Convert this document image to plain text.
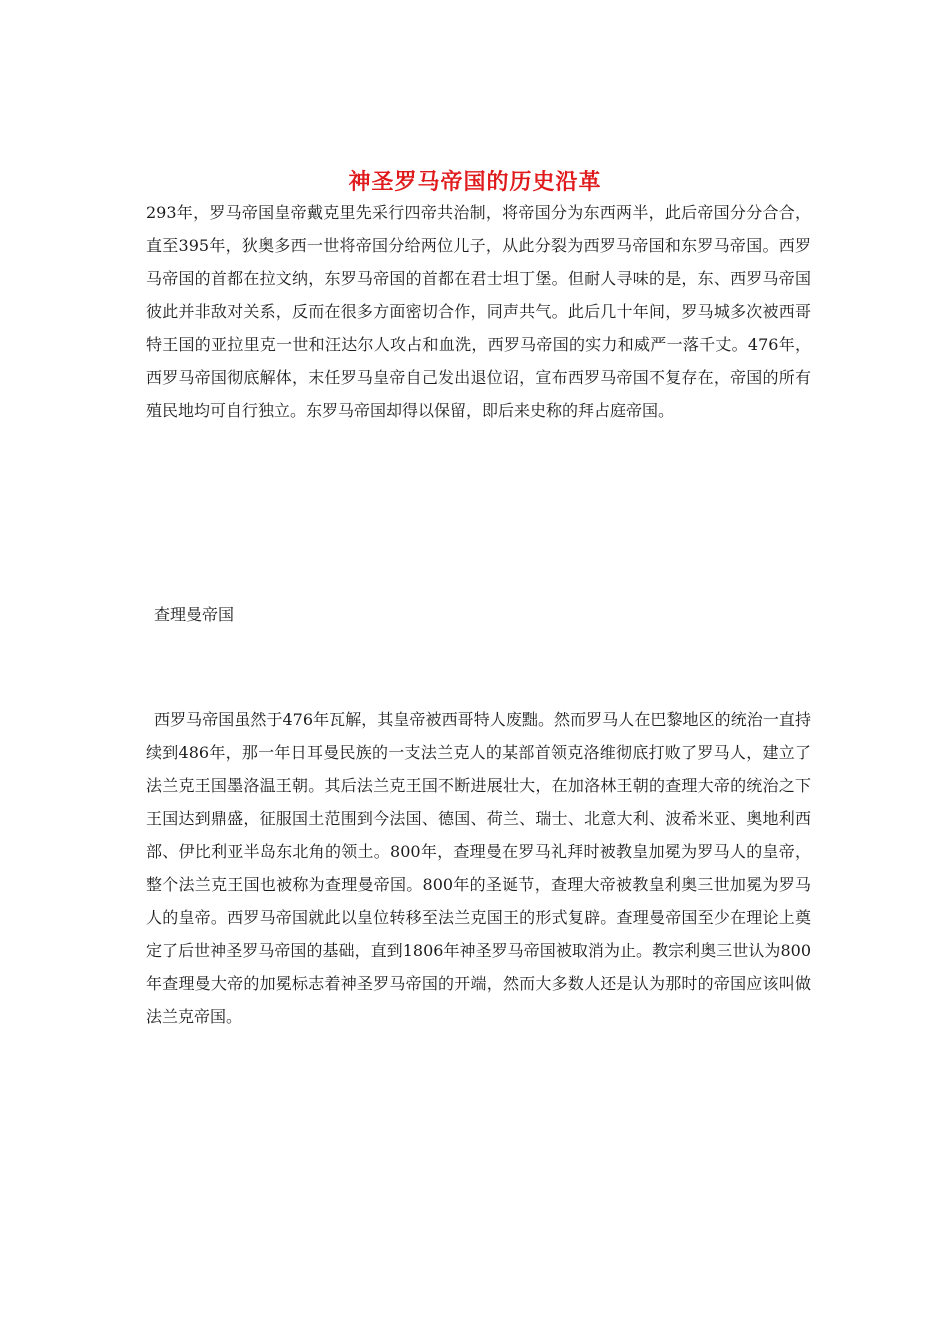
神圣罗马帝国的历史沿革

293年，罗马帝国皇帝戴克里先采行四帝共治制，将帝国分为东西两半，此后帝国分分合合，直至395年，狄奥多西一世将帝国分给两位儿子，从此分裂为西罗马帝国和东罗马帝国。西罗马帝国的首都在拉文纳，东罗马帝国的首都在君士坦丁堡。但耐人寻味的是，东、西罗马帝国彼此并非敌对关系，反而在很多方面密切合作，同声共气。此后几十年间，罗马城多次被西哥特王国的亚拉里克一世和汪达尔人攻占和血洗，西罗马帝国的实力和威严一落千丈。476年，西罗马帝国彻底解体，末任罗马皇帝自己发出退位诏，宣布西罗马帝国不复存在，帝国的所有殖民地均可自行独立。东罗马帝国却得以保留，即后来史称的拜占庭帝国。

查理曼帝国

西罗马帝国虽然于476年瓦解，其皇帝被西哥特人废黜。然而罗马人在巴黎地区的统治一直持续到486年，那一年日耳曼民族的一支法兰克人的某部首领克洛维彻底打败了罗马人，建立了法兰克王国墨洛温王朝。其后法兰克王国不断进展壮大，在加洛林王朝的查理大帝的统治之下王国达到鼎盛，征服国土范围到今法国、德国、荷兰、瑞士、北意大利、波希米亚、奥地利西部、伊比利亚半岛东北角的领土。800年，查理曼在罗马礼拜时被教皇加冕为罗马人的皇帝，整个法兰克王国也被称为查理曼帝国。800年的圣诞节，查理大帝被教皇利奥三世加冕为罗马人的皇帝。西罗马帝国就此以皇位转移至法兰克国王的形式复辟。查理曼帝国至少在理论上奠定了后世神圣罗马帝国的基础，直到1806年神圣罗马帝国被取消为止。教宗利奥三世认为800年查理曼大帝的加冕标志着神圣罗马帝国的开端，然而大多数人还是认为那时的帝国应该叫做法兰克帝国。
